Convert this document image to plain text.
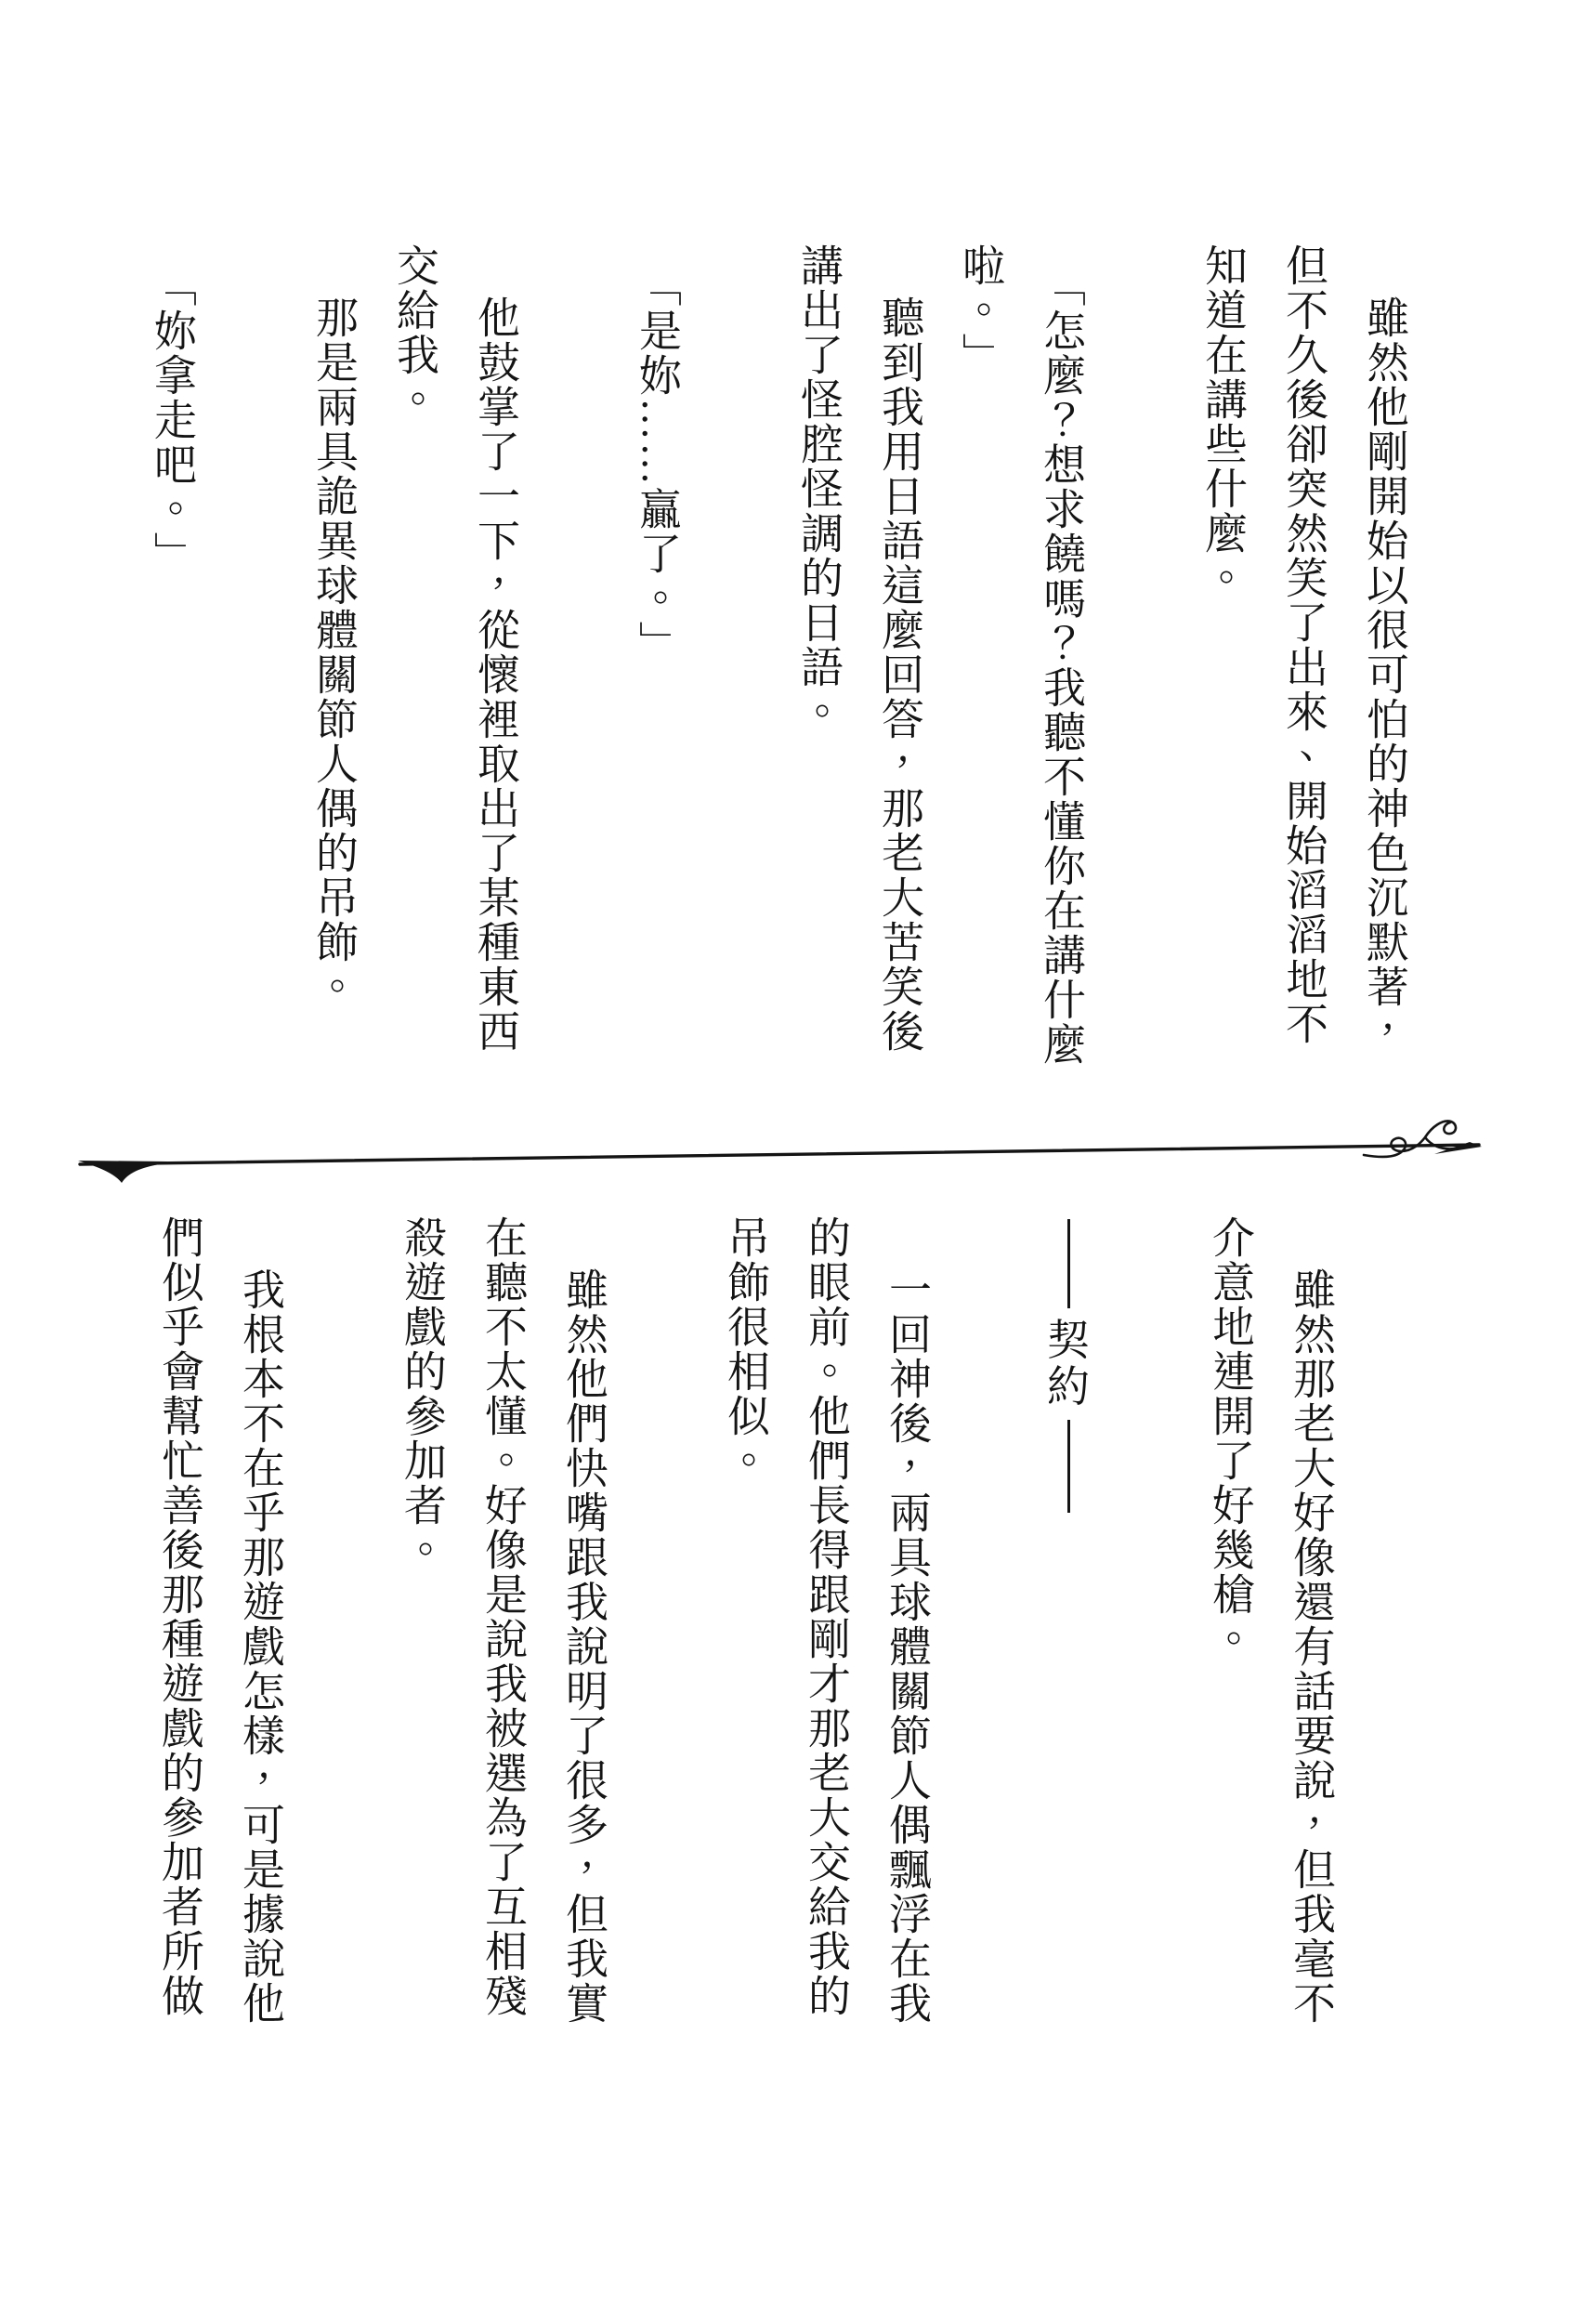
雖然他剛開始以很可怕的神色沉默著，
但不久後卻突然笑了出來、開始滔滔地不
知道在講些什麼。
「怎麼？想求饒嗎？我聽不懂你在講什麼
啦。」
聽到我用日語這麼回答，那老大苦笑後
講出了怪腔怪調的日語。
「是妳……贏了。」
他鼓掌了一下，從懷裡取出了某種東西
交給我。
那是兩具詭異球體關節人偶的吊飾。
「妳拿走吧。」
雖然那老大好像還有話要說，但我毫不
介意地連開了好幾槍。
契
約
一回神後，兩具球體關節人偶飄浮在我
的眼前。他們長得跟剛才那老大交給我的
吊飾很相似。
雖然他們快嘴跟我說明了很多，但我實
在聽不太懂。好像是說我被選為了互相殘
殺遊戲的參加者。
我根本不在乎那遊戲怎樣，可是據說他
們似乎會幫忙善後那種遊戲的參加者所做
